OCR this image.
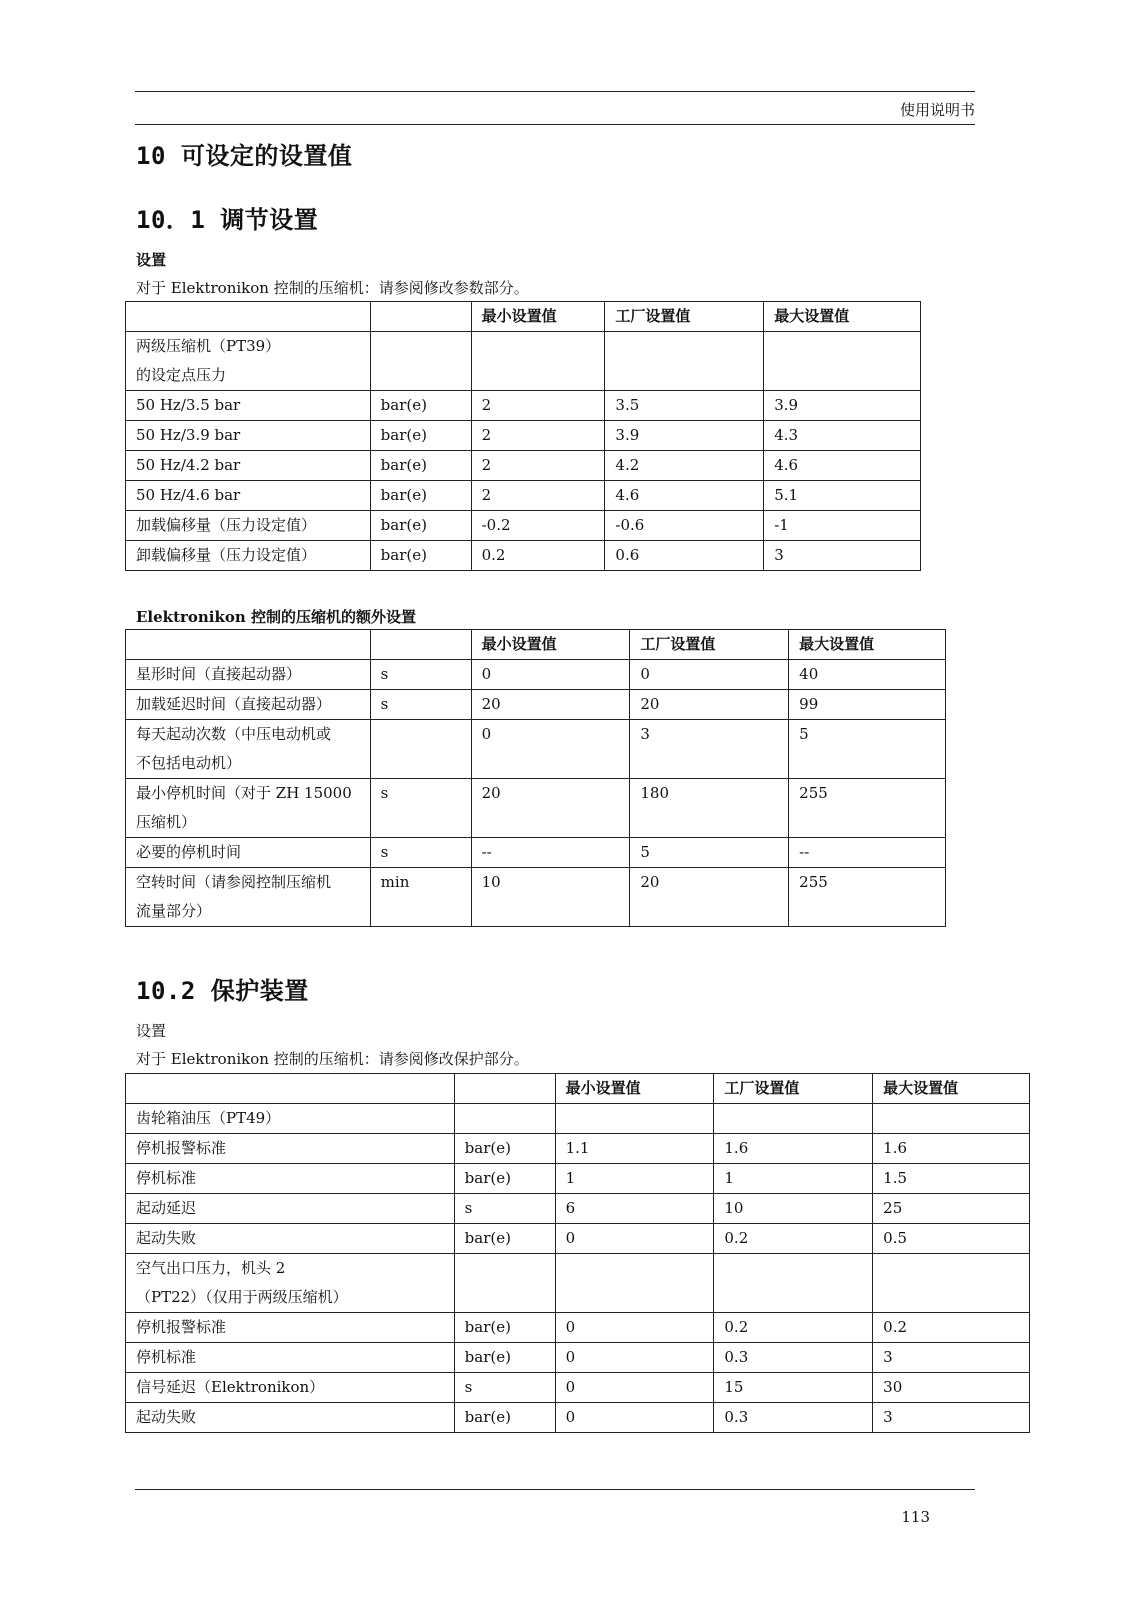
使用说明书
10 可设定的设置值
10．1 调节设置
设置
对于 Elektronikon 控制的压缩机：请参阅修改参数部分。
		最小设置值	工厂设置值	最大设置值
两级压缩机（PT39）
的设定点压力				
50 Hz/3.5 bar	bar(e)	2	3.5	3.9
50 Hz/3.9 bar	bar(e)	2	3.9	4.3
50 Hz/4.2 bar	bar(e)	2	4.2	4.6
50 Hz/4.6 bar	bar(e)	2	4.6	5.1
加载偏移量（压力设定值）	bar(e)	-0.2	-0.6	-1
卸载偏移量（压力设定值）	bar(e)	0.2	0.6	3
Elektronikon 控制的压缩机的额外设置
		最小设置值	工厂设置值	最大设置值
星形时间（直接起动器）	s	0	0	40
加载延迟时间（直接起动器）	s	20	20	99
每天起动次数（中压电动机或
不包括电动机）		0	3	5
最小停机时间（对于 ZH 15000
压缩机）	s	20	180	255
必要的停机时间	s	--	5	--
空转时间（请参阅控制压缩机
流量部分）	min	10	20	255
10.2 保护装置
设置
对于 Elektronikon 控制的压缩机：请参阅修改保护部分。
		最小设置值	工厂设置值	最大设置值
齿轮箱油压（PT49）				
停机报警标准	bar(e)	1.1	1.6	1.6
停机标准	bar(e)	1	1	1.5
起动延迟	s	6	10	25
起动失败	bar(e)	0	0.2	0.5
空气出口压力，机头 2
（PT22）（仅用于两级压缩机）				
停机报警标准	bar(e)	0	0.2	0.2
停机标准	bar(e)	0	0.3	3
信号延迟（Elektronikon）	s	0	15	30
起动失败	bar(e)	0	0.3	3
113
